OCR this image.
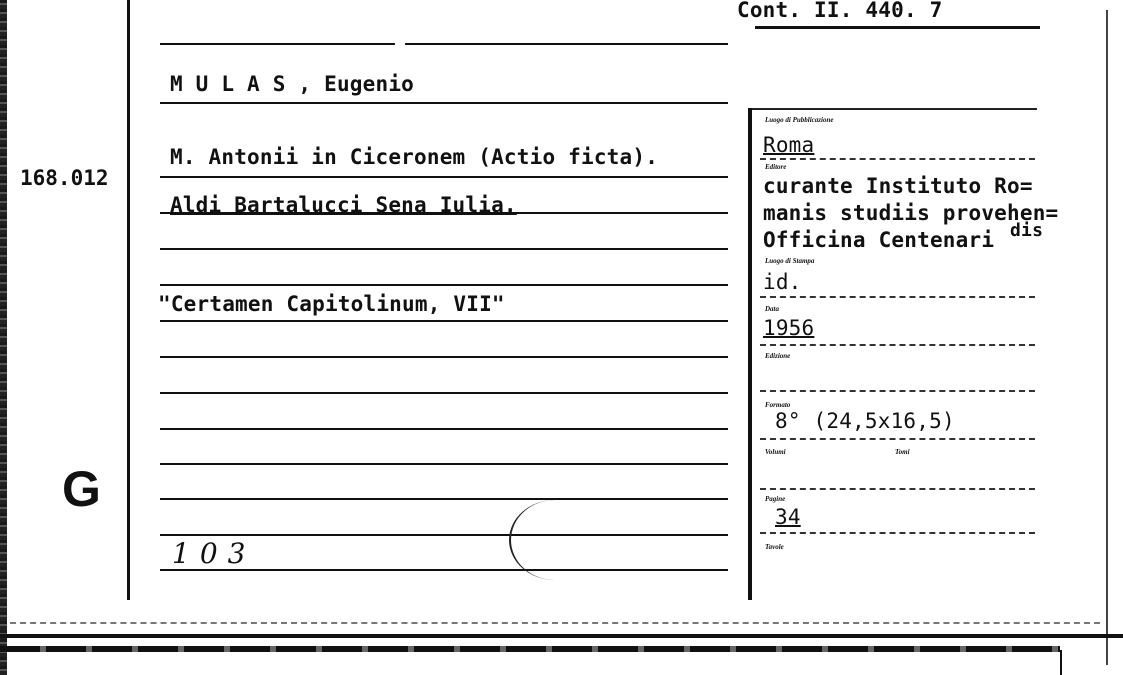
Cont. II. 440. 7
168.012
G
M U L A S , Eugenio
M. Antonii in Ciceronem (Actio ficta).
Aldi Bartalucci Sena Iulia.
"Certamen Capitolinum, VII"
103
Luogo di Pubblicazione
Roma
Editore
curante Instituto Ro=
manis studiis provehen=
Officina Centenari dis
Luogo di Stampa
id.
Data
1956
Edizione
Formato
8° (24,5x16,5)
Volumi	Tomi
Pagine
34
Tavole
